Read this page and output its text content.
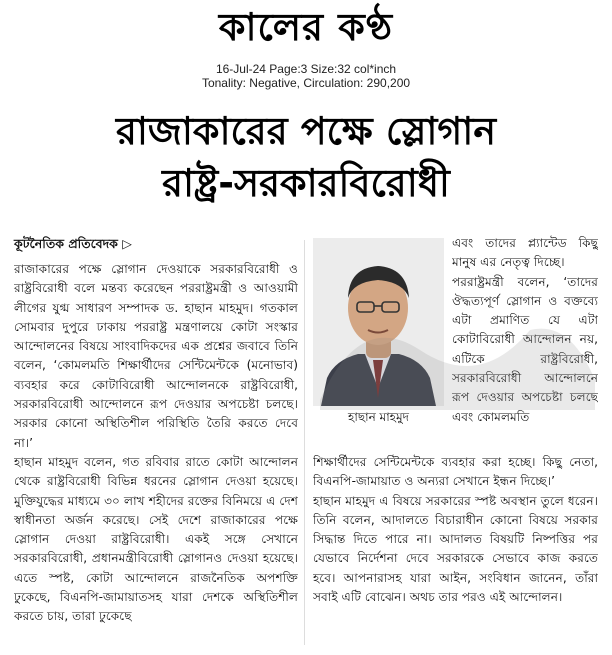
কালের কণ্ঠ
16-Jul-24 Page:3 Size:32 col*inch
Tonality: Negative, Circulation: 290,200
রাজাকারের পক্ষে স্লোগান
রাষ্ট্র-সরকারবিরোধী
কূটনৈতিক প্রতিবেদক ▷

রাজাকারের পক্ষে স্লোগান দেওয়াকে সরকারবিরোধী ও রাষ্ট্রবিরোধী বলে মন্তব্য করেছেন পররাষ্ট্রমন্ত্রী ও আওয়ামী লীগের যুগ্ম সাধারণ সম্পাদক ড. হাছান মাহমুদ। গতকাল সোমবার দুপুরে ঢাকায় পররাষ্ট্র মন্ত্রণালয়ে কোটা সংস্কার আন্দোলনের বিষয়ে সাংবাদিকদের এক প্রশ্নের জবাবে তিনি বলেন, ‘কোমলমতি শিক্ষার্থীদের সেন্টিমেন্টকে (মনোভাব) ব্যবহার করে কোটাবিরোধী আন্দোলনকে রাষ্ট্রবিরোধী, সরকারবিরোধী আন্দোলনে রূপ দেওয়ার অপচেষ্টা চলছে। সরকার কোনো অস্থিতিশীল পরিস্থিতি তৈরি করতে দেবে না।’

হাছান মাহমুদ বলেন, গত রবিবার রাতে কোটা আন্দোলন থেকে রাষ্ট্রবিরোধী বিভিন্ন ধরনের স্লোগান দেওয়া হয়েছে। মুক্তিযুদ্ধের মাধ্যমে ৩০ লাখ শহীদের রক্তের বিনিময়ে এ দেশ স্বাধীনতা অর্জন করেছে। সেই দেশে রাজাকারের পক্ষে স্লোগান দেওয়া রাষ্ট্রবিরোধী। একই সঙ্গে সেখানে সরকারবিরোধী, প্রধানমন্ত্রীবিরোধী স্লোগানও দেওয়া হয়েছে। এতে স্পষ্ট, কোটা আন্দোলনে রাজনৈতিক অপশক্তি ঢুকেছে, বিএনপি-জামায়াতসহ যারা দেশকে অস্থিতিশীল করতে চায়, তারা ঢুকেছে

হাছান মাহমুদ

এবং তাদের প্ল্যান্টেড কিছু মানুষ এর নেতৃত্ব দিচ্ছে।

পররাষ্ট্রমন্ত্রী বলেন, ‘তাদের ঔদ্ধত্যপূর্ণ স্লোগান ও বক্তব্যে এটা প্রমাণিত যে এটা কোটাবিরোধী আন্দোলন নয়, এটিকে রাষ্ট্রবিরোধী, সরকারবিরোধী আন্দোলনে রূপ দেওয়ার অপচেষ্টা চলছে এবং কোমলমতি

শিক্ষার্থীদের সেন্টিমেন্টকে ব্যবহার করা হচ্ছে। কিছু নেতা, বিএনপি-জামায়াত ও অন্যরা সেখানে ইন্ধন দিচ্ছে।’

হাছান মাহমুদ এ বিষয়ে সরকারের স্পষ্ট অবস্থান তুলে ধরেন। তিনি বলেন, আদালতে বিচারাধীন কোনো বিষয়ে সরকার সিদ্ধান্ত দিতে পারে না। আদালত বিষয়টি নিষ্পত্তির পর যেভাবে নির্দেশনা দেবে সরকারকে সেভাবে কাজ করতে হবে। আপনারাসহ যারা আইন, সংবিধান জানেন, তাঁরা সবাই এটি বোঝেন। অথচ তার পরও এই আন্দোলন।
